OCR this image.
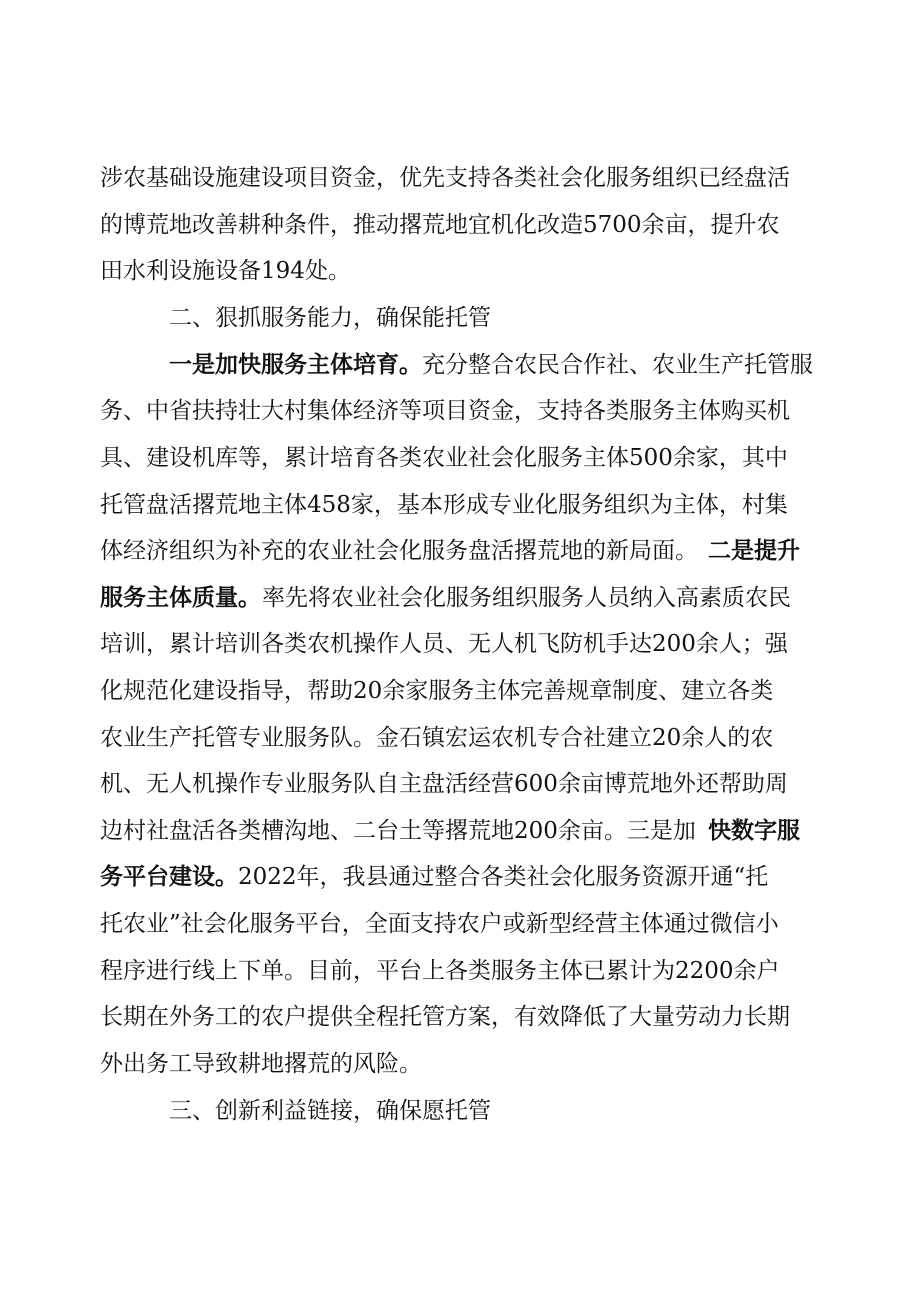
涉农基础设施建设项目资金，优先支持各类社会化服务组织已经盘活
的博荒地改善耕种条件，推动撂荒地宜机化改造5700余亩，提升农
田水利设施设备194处。
二、狠抓服务能力，确保能托管
一是加快服务主体培育。 充分整合农民合作社、农业生产托管服
务、中省扶持壮大村集体经济等项目资金，支持各类服务主体购买机
具、建设机库等，累计培育各类农业社会化服务主体500余家，其中
托管盘活撂荒地主体458家，基本形成专业化服务组织为主体，村集
体经济组织为补充的农业社会化服务盘活撂荒地的新局面。 二是提升
服务主体质量。 率先将农业社会化服务组织服务人员纳入高素质农民
培训，累计培训各类农机操作人员、无人机飞防机手达200余人；强
化规范化建设指导，帮助20余家服务主体完善规章制度、建立各类
农业生产托管专业服务队。金石镇宏运农机专合社建立20余人的农
机、无人机操作专业服务队自主盘活经营600余亩博荒地外还帮助周
边村社盘活各类槽沟地、二台土等撂荒地200余亩。三是加 快数字服
务平台建设。 2022年，我县通过整合各类社会化服务资源开通“托
托农业”社会化服务平台，全面支持农户或新型经营主体通过微信小
程序进行线上下单。目前，平台上各类服务主体已累计为2200余户
长期在外务工的农户提供全程托管方案，有效降低了大量劳动力长期
外出务工导致耕地撂荒的风险。
三、创新利益链接，确保愿托管
